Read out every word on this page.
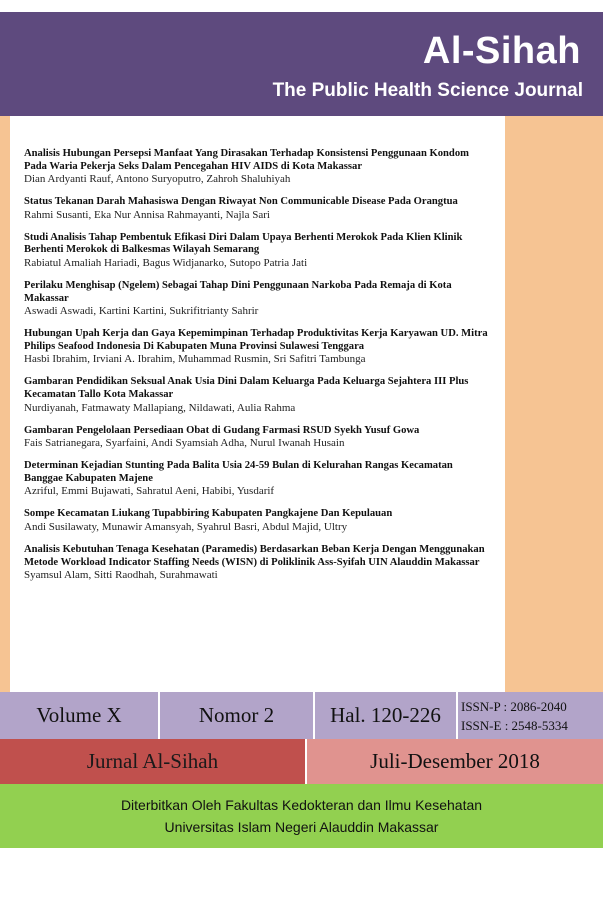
Al-Sihah
The Public Health Science Journal
Analisis Hubungan Persepsi Manfaat Yang Dirasakan Terhadap Konsistensi Penggunaan Kondom Pada Waria Pekerja Seks Dalam Pencegahan HIV AIDS di Kota Makassar
Dian Ardyanti Rauf, Antono Suryoputro, Zahroh Shaluhiyah
Status Tekanan Darah Mahasiswa Dengan Riwayat Non Communicable Disease Pada Orangtua
Rahmi Susanti, Eka Nur Annisa Rahmayanti, Najla Sari
Studi Analisis Tahap Pembentuk Efikasi Diri Dalam Upaya Berhenti Merokok Pada Klien Klinik Berhenti Merokok di Balkesmas Wilayah Semarang
Rabiatul Amaliah Hariadi, Bagus Widjanarko, Sutopo Patria Jati
Perilaku Menghisap (Ngelem) Sebagai Tahap Dini Penggunaan Narkoba Pada Remaja di Kota Makassar
Aswadi Aswadi, Kartini Kartini, Sukrifitrianty Sahrir
Hubungan Upah Kerja dan Gaya Kepemimpinan Terhadap Produktivitas Kerja Karyawan UD. Mitra Philips Seafood Indonesia Di Kabupaten Muna Provinsi Sulawesi Tenggara
Hasbi Ibrahim, Irviani A. Ibrahim, Muhammad Rusmin, Sri Safitri Tambunga
Gambaran Pendidikan Seksual Anak Usia Dini Dalam Keluarga Pada Keluarga Sejahtera III Plus Kecamatan Tallo Kota Makassar
Nurdiyanah, Fatmawaty Mallapiang, Nildawati, Aulia Rahma
Gambaran Pengelolaan Persediaan Obat di Gudang Farmasi RSUD Syekh Yusuf Gowa
Fais Satrianegara, Syarfaini, Andi Syamsiah Adha, Nurul Iwanah Husain
Determinan Kejadian Stunting Pada Balita Usia 24-59 Bulan di Kelurahan Rangas Kecamatan Banggae Kabupaten Majene
Azriful, Emmi Bujawati, Sahratul Aeni, Habibi, Yusdarif
Sompe Kecamatan Liukang Tupabbiring Kabupaten Pangkajene Dan Kepulauan
Andi Susilawaty, Munawir Amansyah, Syahrul Basri, Abdul Majid, Ultry
Analisis Kebutuhan Tenaga Kesehatan (Paramedis) Berdasarkan Beban Kerja Dengan Menggunakan Metode Workload Indicator Staffing Needs (WISN) di Poliklinik Ass-Syifah UIN Alauddin Makassar
Syamsul Alam, Sitti Raodhah, Surahmawati
Volume X	Nomor 2	Hal. 120-226	ISSN-P : 2086-2040
ISSN-E : 2548-5334
Jurnal Al-Sihah	Juli-Desember 2018
Diterbitkan Oleh Fakultas Kedokteran dan Ilmu Kesehatan
Universitas Islam Negeri Alauddin Makassar
